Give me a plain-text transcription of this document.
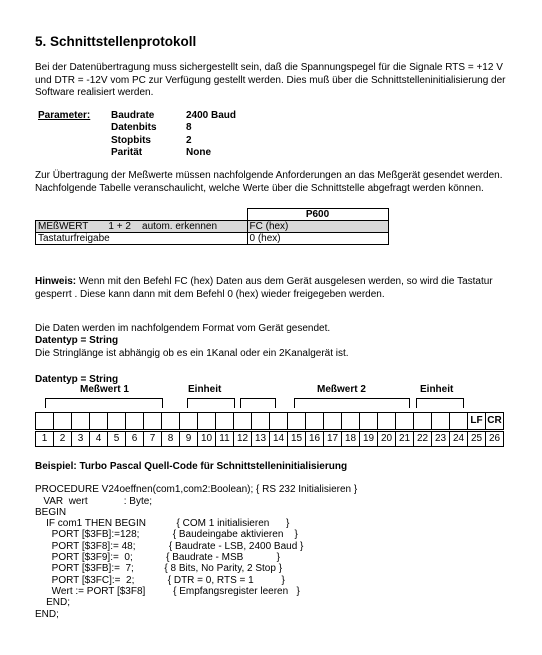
5. Schnittstellenprotokoll
Bei der Datenübertragung muss sichergestellt sein, daß die Spannungspegel für die Signale RTS = +12 V und DTR = -12V vom PC zur Verfügung gestellt werden. Dies muß über die Schnittstelleninitialisierung der Software realisiert werden.
Parameter: Baudrate	2400 Baud
Datenbits	8
Stopbits	2
Parität	None
Zur Übertragung der Meßwerte müssen nachfolgende Anforderungen an das Meßgerät gesendet werden. Nachfolgende Tabelle veranschaulicht, welche Werte über die Schnittstelle abgefragt werden können.
	P600
MEßWERT 1 + 2    autom. erkennen	FC (hex)
Tastaturfreigabe	0 (hex)
Hinweis: Wenn mit den Befehl FC (hex) Daten aus dem Gerät ausgelesen werden, so wird die Tastatur gesperrt . Diese kann dann mit dem Befehl 0 (hex) wieder freigegeben werden.
Die Daten werden im nachfolgendem Format vom Gerät gesendet.
Datentyp = String
Die Stringlänge ist abhängig ob es ein 1Kanal oder ein 2Kanalgerät ist.
Datentyp = String
Meßwert 1	Einheit	Meßwert 2	Einheit
LF CR
1	2	3	4	5	6	7	8	9 10 11 12 13 14 15 16 17 18 19 20 21 22 23 24 25 26
Beispiel: Turbo Pascal Quell-Code für Schnittstelleninitialisierung

PROCEDURE V24oeffnen(com1,com2:Boolean); { RS 232 Initialisieren }
VAR  wert             : Byte;
BEGIN
IF com1 THEN BEGIN           { COM 1 initialisieren      }
PORT [$3FB]:=128;            { Baudeingabe aktivieren    }
PORT [$3F8]:= 48;            { Baudrate - LSB, 2400 Baud }
PORT [$3F9]:=  0;            { Baudrate - MSB            }
PORT [$3FB]:=  7;           { 8 Bits, No Parity, 2 Stop }
PORT [$3FC]:=  2;            { DTR = 0, RTS = 1          }
Wert := PORT [$3F8]          { Empfangsregister leeren   }
END;
END;
